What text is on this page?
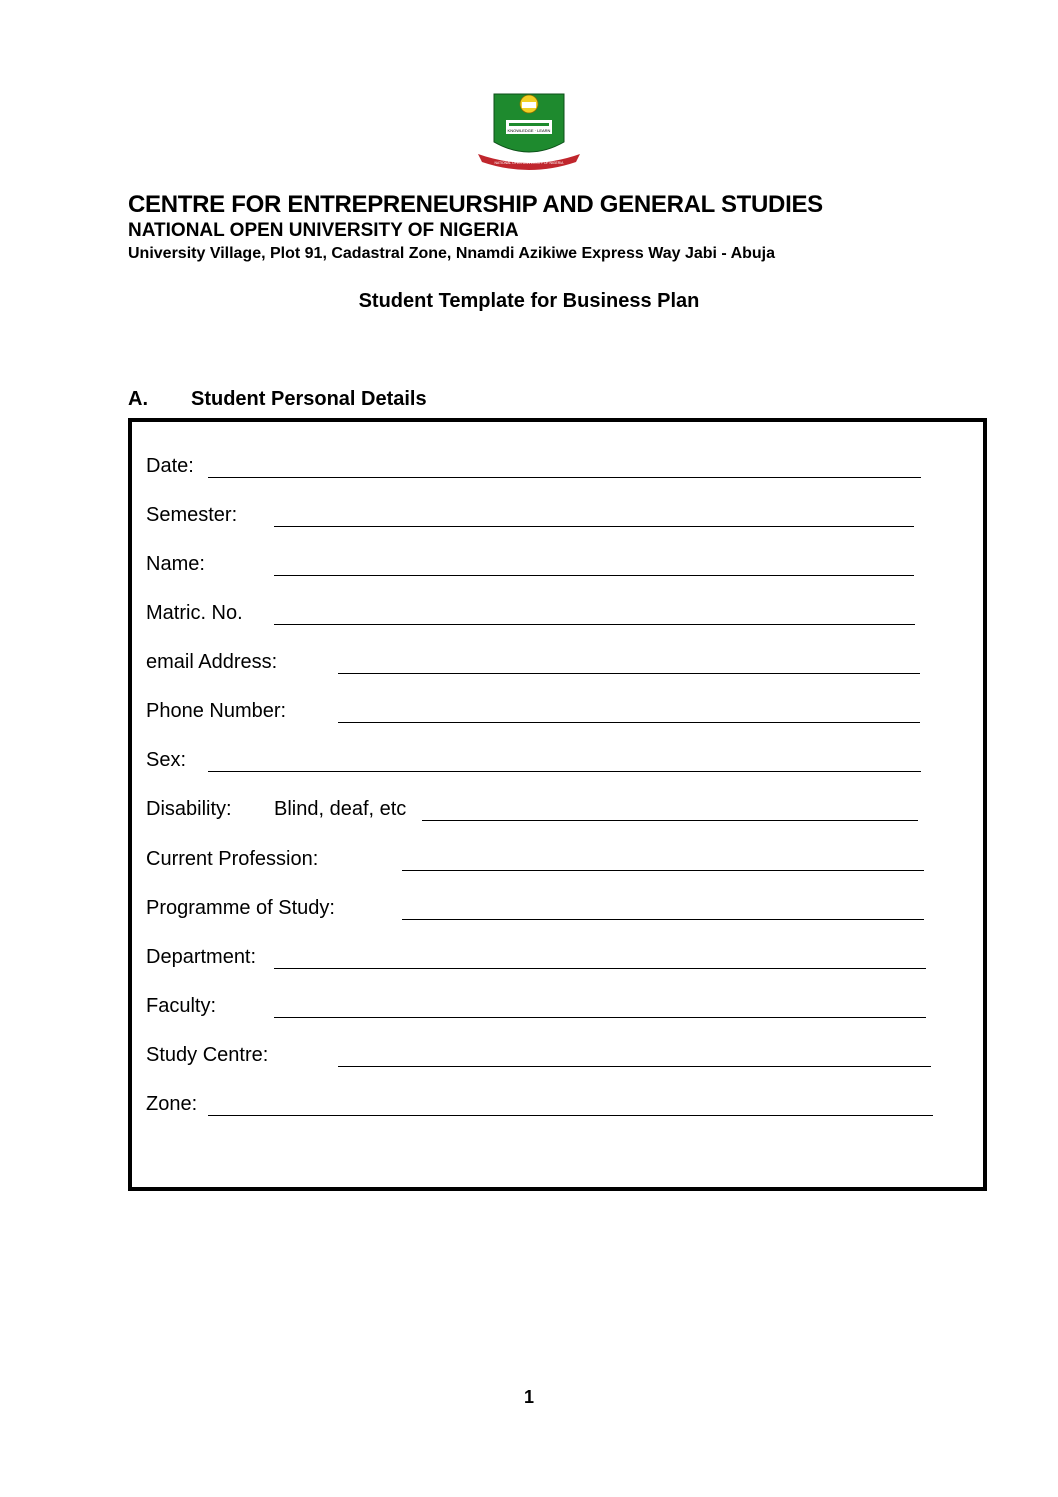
KNOWLEDGE · LEARN
NATIONAL OPEN UNIVERSITY OF NIGERIA
CENTRE FOR ENTREPRENEURSHIP AND GENERAL STUDIES
NATIONAL OPEN UNIVERSITY OF NIGERIA
University Village, Plot 91, Cadastral Zone, Nnamdi Azikiwe Express Way Jabi - Abuja
Student Template for Business Plan
A. Student Personal Details
Date:
Semester:
Name:
Matric. No.
email Address:
Phone Number:
Sex:
Disability: Blind, deaf, etc
Current Profession:
Programme of Study:
Department:
Faculty:
Study Centre:
Zone:
1
